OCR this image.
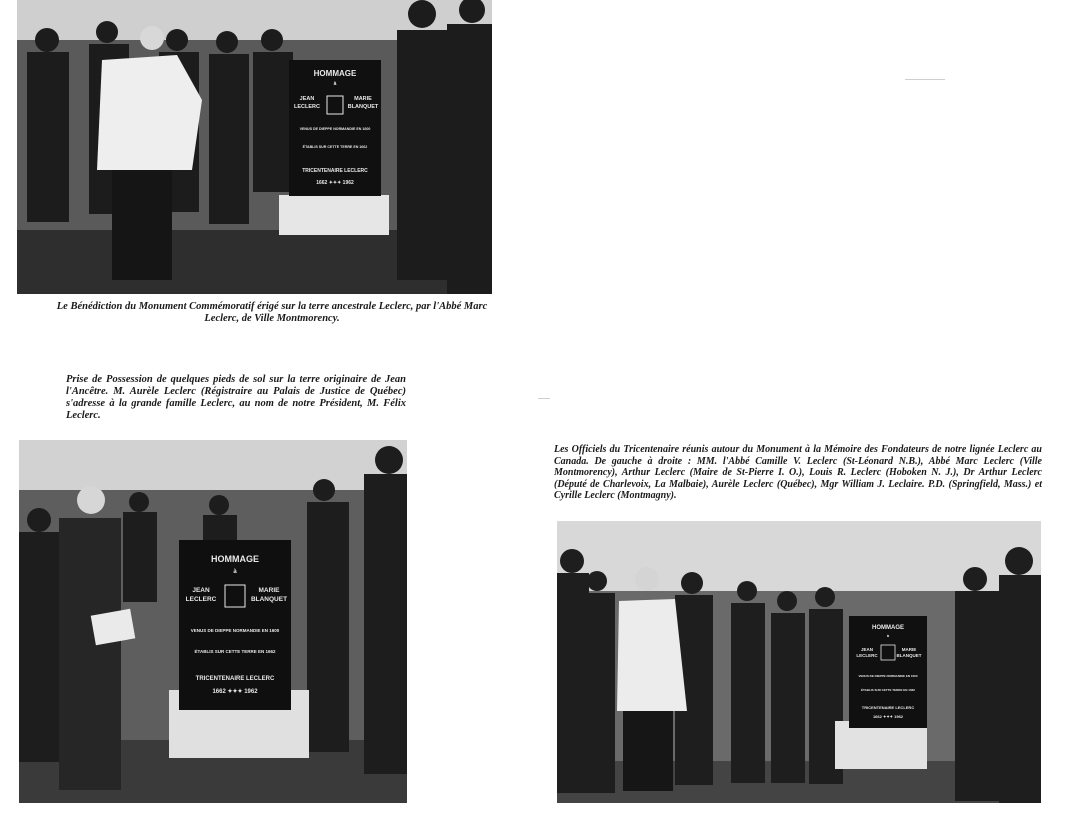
HOMMAGE
à
JEAN
LECLERC
MARIE
BLANQUET
VENUS DE DIEPPE NORMANDIE EN 1600
ÉTABLIS SUR CETTE TERRE EN 1662
TRICENTENAIRE LECLERC
1662 ✦✦✦ 1962

Le Bénédiction du Monument Commémoratif érigé sur la terre ancestrale Leclerc, par l'Abbé Marc Leclerc, de Ville Montmorency.

Prise de Possession de quelques pieds de sol sur la terre originaire de Jean l'Ancêtre. M. Aurèle Leclerc (Régistraire au Palais de Justice de Québec) s'adresse à la grande famille Leclerc, au nom de notre Président, M. Félix Leclerc.

HOMMAGE
à
JEAN
LECLERC
MARIE
BLANQUET
VENUS DE DIEPPE NORMANDIE EN 1600
ÉTABLIS SUR CETTE TERRE EN 1662
TRICENTENAIRE LECLERC
1662 ✦✦✦ 1962

Les Officiels du Tricentenaire réunis autour du Monument à la Mémoire des Fondateurs de notre lignée Leclerc au Canada. De gauche à droite : MM. l'Abbé Camille V. Leclerc (St-Léonard N.B.), Abbé Marc Leclerc (Ville Montmorency), Arthur Leclerc (Maire de St-Pierre I. O.), Louis R. Leclerc (Hoboken N. J.), Dr Arthur Leclerc (Député de Charlevoix, La Malbaie), Aurèle Leclerc (Québec), Mgr William J. Leclaire. P.D. (Springfield, Mass.) et Cyrille Leclerc (Montmagny).

HOMMAGE
à
JEAN
LECLERC
MARIE
BLANQUET
VENUS DE DIEPPE NORMANDIE EN 1600
ÉTABLIS SUR CETTE TERRE EN 1662
TRICENTENAIRE LECLERC
1662 ✦✦✦ 1962
